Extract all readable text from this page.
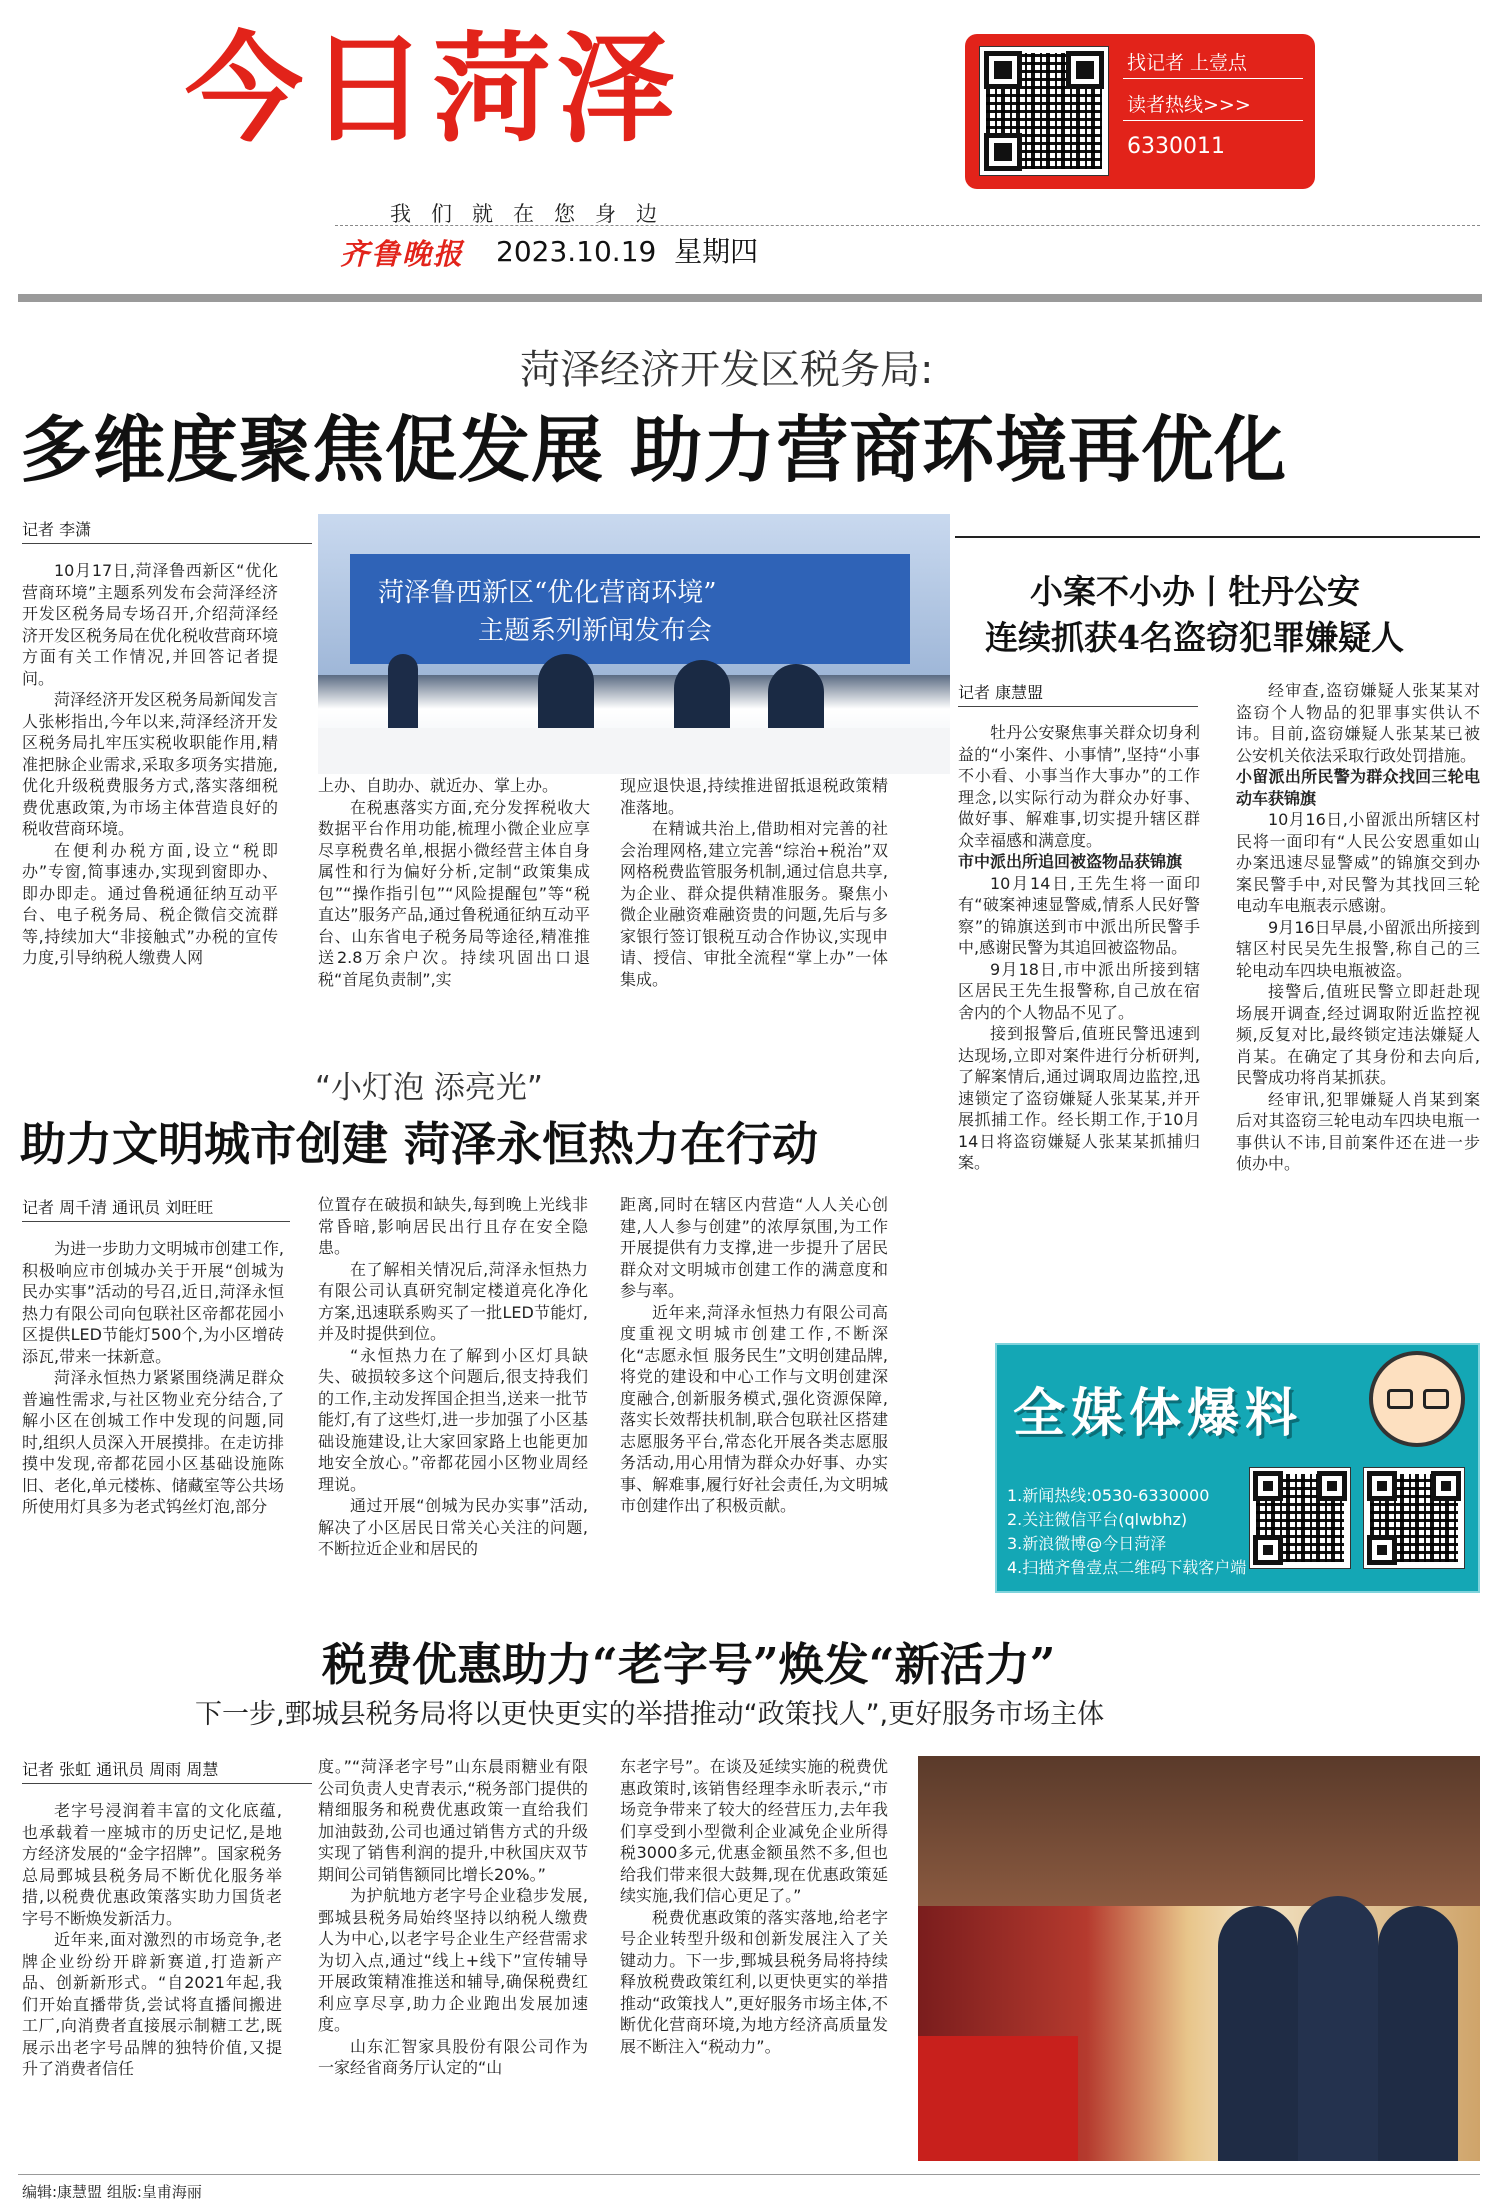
今日菏泽	找记者 上壹点
读者热线>>>
6330011
我们就在您身边
齐鲁晚报 2023.10.19 星期四
菏泽经济开发区税务局:
多维度聚焦促发展 助力营商环境再优化
记者 李潇
菏泽鲁西新区“优化营商环境”
主题系列新闻发布会

10月17日,菏泽鲁西新区“优化营商环境”主题系列发布会菏泽经济开发区税务局专场召开,介绍菏泽经济开发区税务局在优化税收营商环境方面有关工作情况,并回答记者提问。

菏泽经济开发区税务局新闻发言人张彬指出,今年以来,菏泽经济开发区税务局扎牢压实税收职能作用,精准把脉企业需求,采取多项务实措施,优化升级税费服务方式,落实落细税费优惠政策,为市场主体营造良好的税收营商环境。

在便利办税方面,设立“税即办”专窗,简事速办,实现到窗即办、即办即走。通过鲁税通征纳互动平台、电子税务局、税企微信交流群等,持续加大“非接触式”办税的宣传力度,引导纳税人缴费人网

上办、自助办、就近办、掌上办。

在税惠落实方面,充分发挥税收大数据平台作用功能,梳理小微企业应享尽享税费名单,根据小微经营主体自身属性和行为偏好分析,定制“政策集成包”“操作指引包”“风险提醒包”等“税直达”服务产品,通过鲁税通征纳互动平台、山东省电子税务局等途径,精准推送2.8万余户次。持续巩固出口退税“首尾负责制”,实

现应退快退,持续推进留抵退税政策精准落地。

在精诚共治上,借助相对完善的社会治理网格,建立完善“综治+税治”双网格税费监管服务机制,通过信息共享,为企业、群众提供精准服务。聚焦小微企业融资难融资贵的问题,先后与多家银行签订银税互动合作协议,实现申请、授信、审批全流程“掌上办”一体集成。

小案不小办丨牡丹公安
连续抓获4名盗窃犯罪嫌疑人
记者 康慧盟

牡丹公安聚焦事关群众切身利益的“小案件、小事情”,坚持“小事不小看、小事当作大事办”的工作理念,以实际行动为群众办好事、做好事、解难事,切实提升辖区群众幸福感和满意度。

市中派出所追回被盗物品获锦旗

10月14日,王先生将一面印有“破案神速显警威,情系人民好警察”的锦旗送到市中派出所民警手中,感谢民警为其追回被盗物品。

9月18日,市中派出所接到辖区居民王先生报警称,自己放在宿舍内的个人物品不见了。

接到报警后,值班民警迅速到达现场,立即对案件进行分析研判,了解案情后,通过调取周边监控,迅速锁定了盗窃嫌疑人张某某,并开展抓捕工作。经长期工作,于10月14日将盗窃嫌疑人张某某抓捕归案。

经审查,盗窃嫌疑人张某某对盗窃个人物品的犯罪事实供认不讳。目前,盗窃嫌疑人张某某已被公安机关依法采取行政处罚措施。

小留派出所民警为群众找回三轮电动车获锦旗

10月16日,小留派出所辖区村民将一面印有“人民公安恩重如山 办案迅速尽显警威”的锦旗交到办案民警手中,对民警为其找回三轮电动车电瓶表示感谢。

9月16日早晨,小留派出所接到辖区村民吴先生报警,称自己的三轮电动车四块电瓶被盗。

接警后,值班民警立即赶赴现场展开调查,经过调取附近监控视频,反复对比,最终锁定违法嫌疑人肖某。在确定了其身份和去向后,民警成功将肖某抓获。

经审讯,犯罪嫌疑人肖某到案后对其盗窃三轮电动车四块电瓶一事供认不讳,目前案件还在进一步侦办中。

“小灯泡 添亮光”
助力文明城市创建 菏泽永恒热力在行动
记者 周千清 通讯员 刘旺旺

为进一步助力文明城市创建工作,积极响应市创城办关于开展“创城为民办实事”活动的号召,近日,菏泽永恒热力有限公司向包联社区帝都花园小区提供LED节能灯500个,为小区增砖添瓦,带来一抹新意。

菏泽永恒热力紧紧围绕满足群众普遍性需求,与社区物业充分结合,了解小区在创城工作中发现的问题,同时,组织人员深入开展摸排。在走访排摸中发现,帝都花园小区基础设施陈旧、老化,单元楼栋、储藏室等公共场所使用灯具多为老式钨丝灯泡,部分

位置存在破损和缺失,每到晚上光线非常昏暗,影响居民出行且存在安全隐患。

在了解相关情况后,菏泽永恒热力有限公司认真研究制定楼道亮化净化方案,迅速联系购买了一批LED节能灯,并及时提供到位。

“永恒热力在了解到小区灯具缺失、破损较多这个问题后,很支持我们的工作,主动发挥国企担当,送来一批节能灯,有了这些灯,进一步加强了小区基础设施建设,让大家回家路上也能更加地安全放心。”帝都花园小区物业周经理说。

通过开展“创城为民办实事”活动,解决了小区居民日常关心关注的问题,不断拉近企业和居民的

距离,同时在辖区内营造“人人关心创建,人人参与创建”的浓厚氛围,为工作开展提供有力支撑,进一步提升了居民群众对文明城市创建工作的满意度和参与率。

近年来,菏泽永恒热力有限公司高度重视文明城市创建工作,不断深化“志愿永恒 服务民生”文明创建品牌,将党的建设和中心工作与文明创建深度融合,创新服务模式,强化资源保障,落实长效帮扶机制,联合包联社区搭建志愿服务平台,常态化开展各类志愿服务活动,用心用情为群众办好事、办实事、解难事,履行好社会责任,为文明城市创建作出了积极贡献。

全媒体爆料
1.新闻热线:0530-6330000
2.关注微信平台(qlwbhz)
3.新浪微博@今日菏泽
4.扫描齐鲁壹点二维码下载客户端
税费优惠助力“老字号”焕发“新活力”
下一步,鄄城县税务局将以更快更实的举措推动“政策找人”,更好服务市场主体
记者 张虹 通讯员 周雨 周慧

老字号浸润着丰富的文化底蕴,也承载着一座城市的历史记忆,是地方经济发展的“金字招牌”。国家税务总局鄄城县税务局不断优化服务举措,以税费优惠政策落实助力国货老字号不断焕发新活力。

近年来,面对激烈的市场竞争,老牌企业纷纷开辟新赛道,打造新产品、创新新形式。“自2021年起,我们开始直播带货,尝试将直播间搬进工厂,向消费者直接展示制糖工艺,既展示出老字号品牌的独特价值,又提升了消费者信任

度。”“菏泽老字号”山东晨雨糖业有限公司负责人史青表示,“税务部门提供的精细服务和税费优惠政策一直给我们加油鼓劲,公司也通过销售方式的升级实现了销售利润的提升,中秋国庆双节期间公司销售额同比增长20%。”

为护航地方老字号企业稳步发展,鄄城县税务局始终坚持以纳税人缴费人为中心,以老字号企业生产经营需求为切入点,通过“线上+线下”宣传辅导开展政策精准推送和辅导,确保税费红利应享尽享,助力企业跑出发展加速度。

山东汇智家具股份有限公司作为一家经省商务厅认定的“山

东老字号”。在谈及延续实施的税费优惠政策时,该销售经理李永昕表示,“市场竞争带来了较大的经营压力,去年我们享受到小型微利企业减免企业所得税3000多元,优惠金额虽然不多,但也给我们带来很大鼓舞,现在优惠政策延续实施,我们信心更足了。”

税费优惠政策的落实落地,给老字号企业转型升级和创新发展注入了关键动力。下一步,鄄城县税务局将持续释放税费政策红利,以更快更实的举措推动“政策找人”,更好服务市场主体,不断优化营商环境,为地方经济高质量发展不断注入“税动力”。

编辑:康慧盟 组版:皇甫海丽
